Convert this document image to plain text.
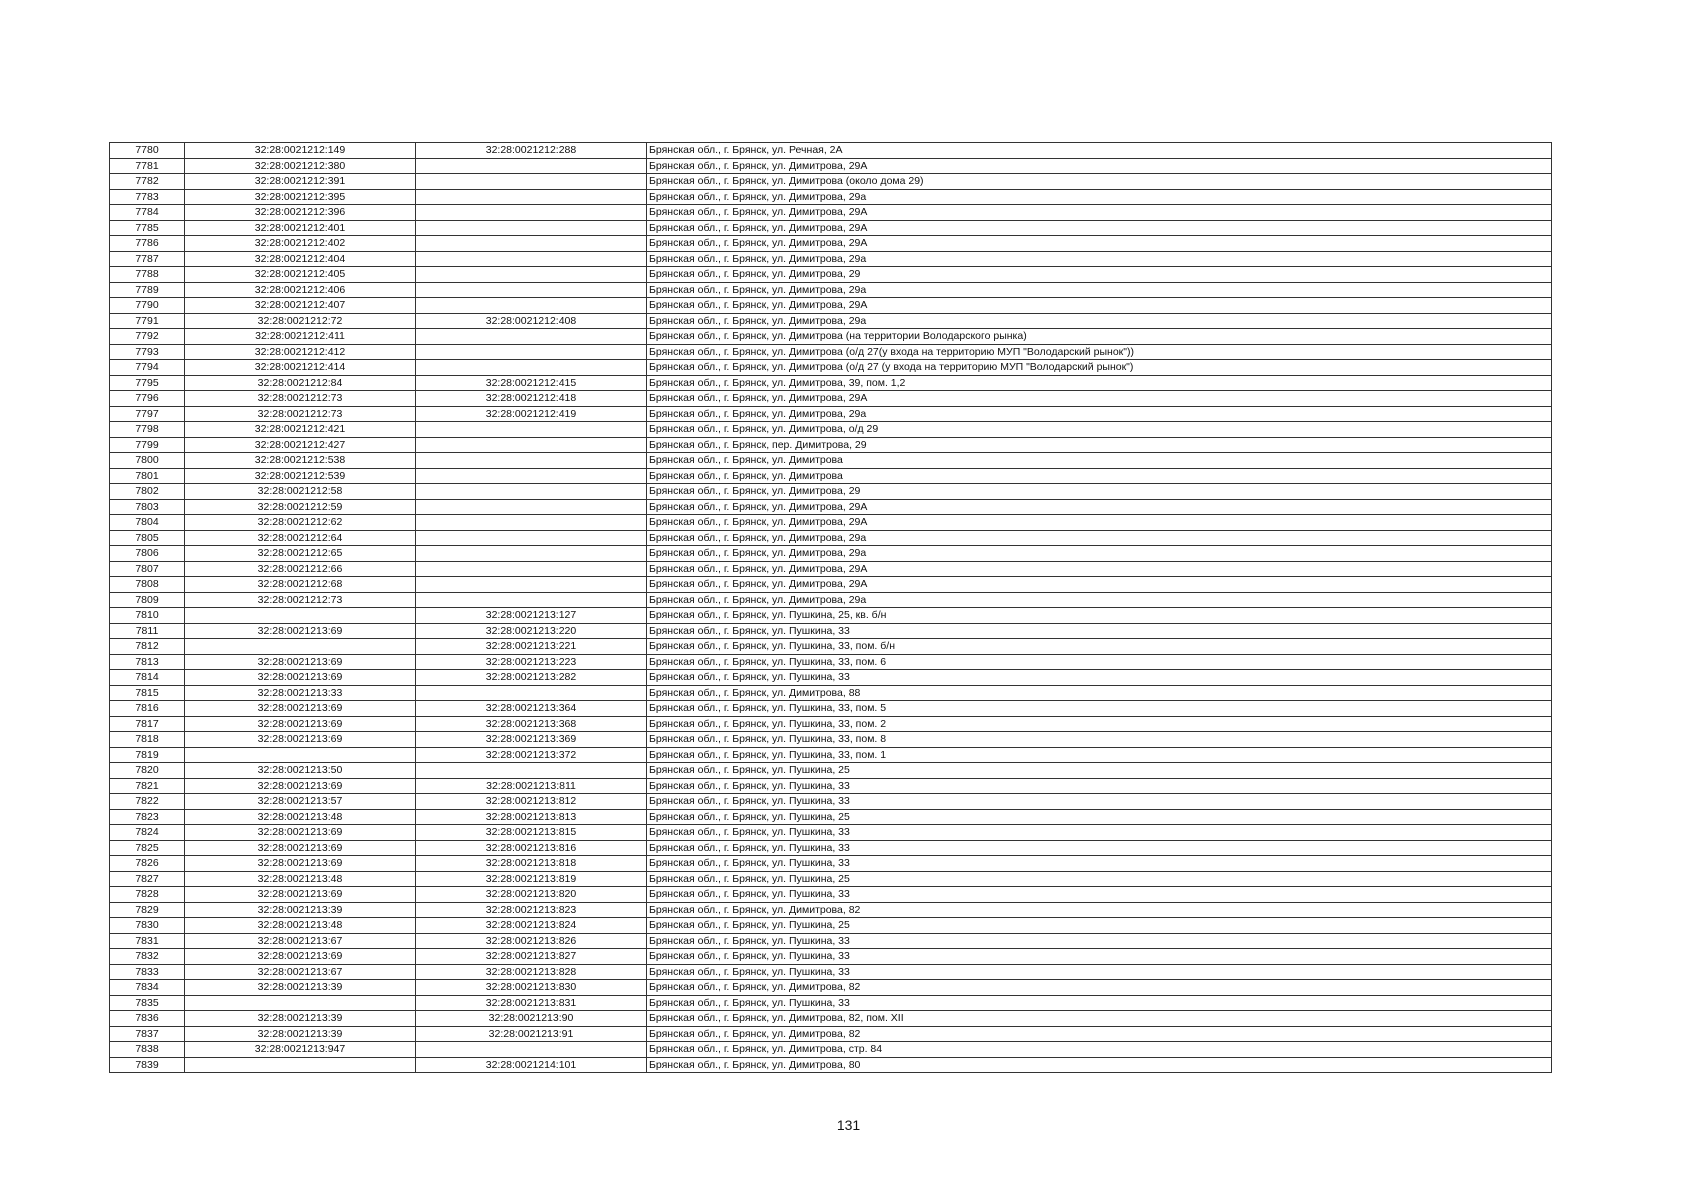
7780	32:28:0021212:149	32:28:0021212:288	Брянская обл., г. Брянск, ул. Речная, 2А
7781	32:28:0021212:380		Брянская обл., г. Брянск, ул. Димитрова, 29А
7782	32:28:0021212:391		Брянская обл., г. Брянск, ул. Димитрова (около дома 29)
7783	32:28:0021212:395		Брянская обл., г. Брянск, ул. Димитрова, 29а
7784	32:28:0021212:396		Брянская обл., г. Брянск, ул. Димитрова, 29А
7785	32:28:0021212:401		Брянская обл., г. Брянск, ул. Димитрова, 29А
7786	32:28:0021212:402		Брянская обл., г. Брянск, ул. Димитрова, 29А
7787	32:28:0021212:404		Брянская обл., г. Брянск, ул. Димитрова, 29а
7788	32:28:0021212:405		Брянская обл., г. Брянск, ул. Димитрова, 29
7789	32:28:0021212:406		Брянская обл., г. Брянск, ул. Димитрова, 29а
7790	32:28:0021212:407		Брянская обл., г. Брянск, ул. Димитрова, 29А
7791	32:28:0021212:72	32:28:0021212:408	Брянская обл., г. Брянск, ул. Димитрова, 29а
7792	32:28:0021212:411		Брянская обл., г. Брянск, ул. Димитрова (на территории Володарского рынка)
7793	32:28:0021212:412		Брянская обл., г. Брянск, ул. Димитрова (о/д 27(у входа на территорию МУП "Володарский рынок"))
7794	32:28:0021212:414		Брянская обл., г. Брянск, ул. Димитрова (о/д 27 (у входа на территорию МУП "Володарский рынок")
7795	32:28:0021212:84	32:28:0021212:415	Брянская обл., г. Брянск, ул. Димитрова, 39, пом. 1,2
7796	32:28:0021212:73	32:28:0021212:418	Брянская обл., г. Брянск, ул. Димитрова, 29А
7797	32:28:0021212:73	32:28:0021212:419	Брянская обл., г. Брянск, ул. Димитрова, 29а
7798	32:28:0021212:421		Брянская обл., г. Брянск, ул. Димитрова, о/д 29
7799	32:28:0021212:427		Брянская обл., г. Брянск, пер. Димитрова, 29
7800	32:28:0021212:538		Брянская обл., г. Брянск, ул. Димитрова
7801	32:28:0021212:539		Брянская обл., г. Брянск, ул. Димитрова
7802	32:28:0021212:58		Брянская обл., г. Брянск, ул. Димитрова, 29
7803	32:28:0021212:59		Брянская обл., г. Брянск, ул. Димитрова, 29А
7804	32:28:0021212:62		Брянская обл., г. Брянск, ул. Димитрова, 29А
7805	32:28:0021212:64		Брянская обл., г. Брянск, ул. Димитрова, 29а
7806	32:28:0021212:65		Брянская обл., г. Брянск, ул. Димитрова, 29а
7807	32:28:0021212:66		Брянская обл., г. Брянск, ул. Димитрова, 29А
7808	32:28:0021212:68		Брянская обл., г. Брянск, ул. Димитрова, 29А
7809	32:28:0021212:73		Брянская обл., г. Брянск, ул. Димитрова, 29а
7810		32:28:0021213:127	Брянская обл., г. Брянск, ул. Пушкина, 25, кв. б/н
7811	32:28:0021213:69	32:28:0021213:220	Брянская обл., г. Брянск, ул. Пушкина, 33
7812		32:28:0021213:221	Брянская обл., г. Брянск, ул. Пушкина, 33, пом. б/н
7813	32:28:0021213:69	32:28:0021213:223	Брянская обл., г. Брянск, ул. Пушкина, 33, пом. 6
7814	32:28:0021213:69	32:28:0021213:282	Брянская обл., г. Брянск, ул. Пушкина, 33
7815	32:28:0021213:33		Брянская обл., г. Брянск, ул. Димитрова, 88
7816	32:28:0021213:69	32:28:0021213:364	Брянская обл., г. Брянск, ул. Пушкина, 33, пом. 5
7817	32:28:0021213:69	32:28:0021213:368	Брянская обл., г. Брянск, ул. Пушкина, 33, пом. 2
7818	32:28:0021213:69	32:28:0021213:369	Брянская обл., г. Брянск, ул. Пушкина, 33, пом. 8
7819		32:28:0021213:372	Брянская обл., г. Брянск, ул. Пушкина, 33, пом. 1
7820	32:28:0021213:50		Брянская обл., г. Брянск, ул. Пушкина, 25
7821	32:28:0021213:69	32:28:0021213:811	Брянская обл., г. Брянск, ул. Пушкина, 33
7822	32:28:0021213:57	32:28:0021213:812	Брянская обл., г. Брянск, ул. Пушкина, 33
7823	32:28:0021213:48	32:28:0021213:813	Брянская обл., г. Брянск, ул. Пушкина, 25
7824	32:28:0021213:69	32:28:0021213:815	Брянская обл., г. Брянск, ул. Пушкина, 33
7825	32:28:0021213:69	32:28:0021213:816	Брянская обл., г. Брянск, ул. Пушкина, 33
7826	32:28:0021213:69	32:28:0021213:818	Брянская обл., г. Брянск, ул. Пушкина, 33
7827	32:28:0021213:48	32:28:0021213:819	Брянская обл., г. Брянск, ул. Пушкина, 25
7828	32:28:0021213:69	32:28:0021213:820	Брянская обл., г. Брянск, ул. Пушкина, 33
7829	32:28:0021213:39	32:28:0021213:823	Брянская обл., г. Брянск, ул. Димитрова, 82
7830	32:28:0021213:48	32:28:0021213:824	Брянская обл., г. Брянск, ул. Пушкина, 25
7831	32:28:0021213:67	32:28:0021213:826	Брянская обл., г. Брянск, ул. Пушкина, 33
7832	32:28:0021213:69	32:28:0021213:827	Брянская обл., г. Брянск, ул. Пушкина, 33
7833	32:28:0021213:67	32:28:0021213:828	Брянская обл., г. Брянск, ул. Пушкина, 33
7834	32:28:0021213:39	32:28:0021213:830	Брянская обл., г. Брянск, ул. Димитрова, 82
7835		32:28:0021213:831	Брянская обл., г. Брянск, ул. Пушкина, 33
7836	32:28:0021213:39	32:28:0021213:90	Брянская обл., г. Брянск, ул. Димитрова, 82, пом. XII
7837	32:28:0021213:39	32:28:0021213:91	Брянская обл., г. Брянск, ул. Димитрова, 82
7838	32:28:0021213:947		Брянская обл., г. Брянск, ул. Димитрова, стр. 84
7839		32:28:0021214:101	Брянская обл., г. Брянск, ул. Димитрова, 80
131
